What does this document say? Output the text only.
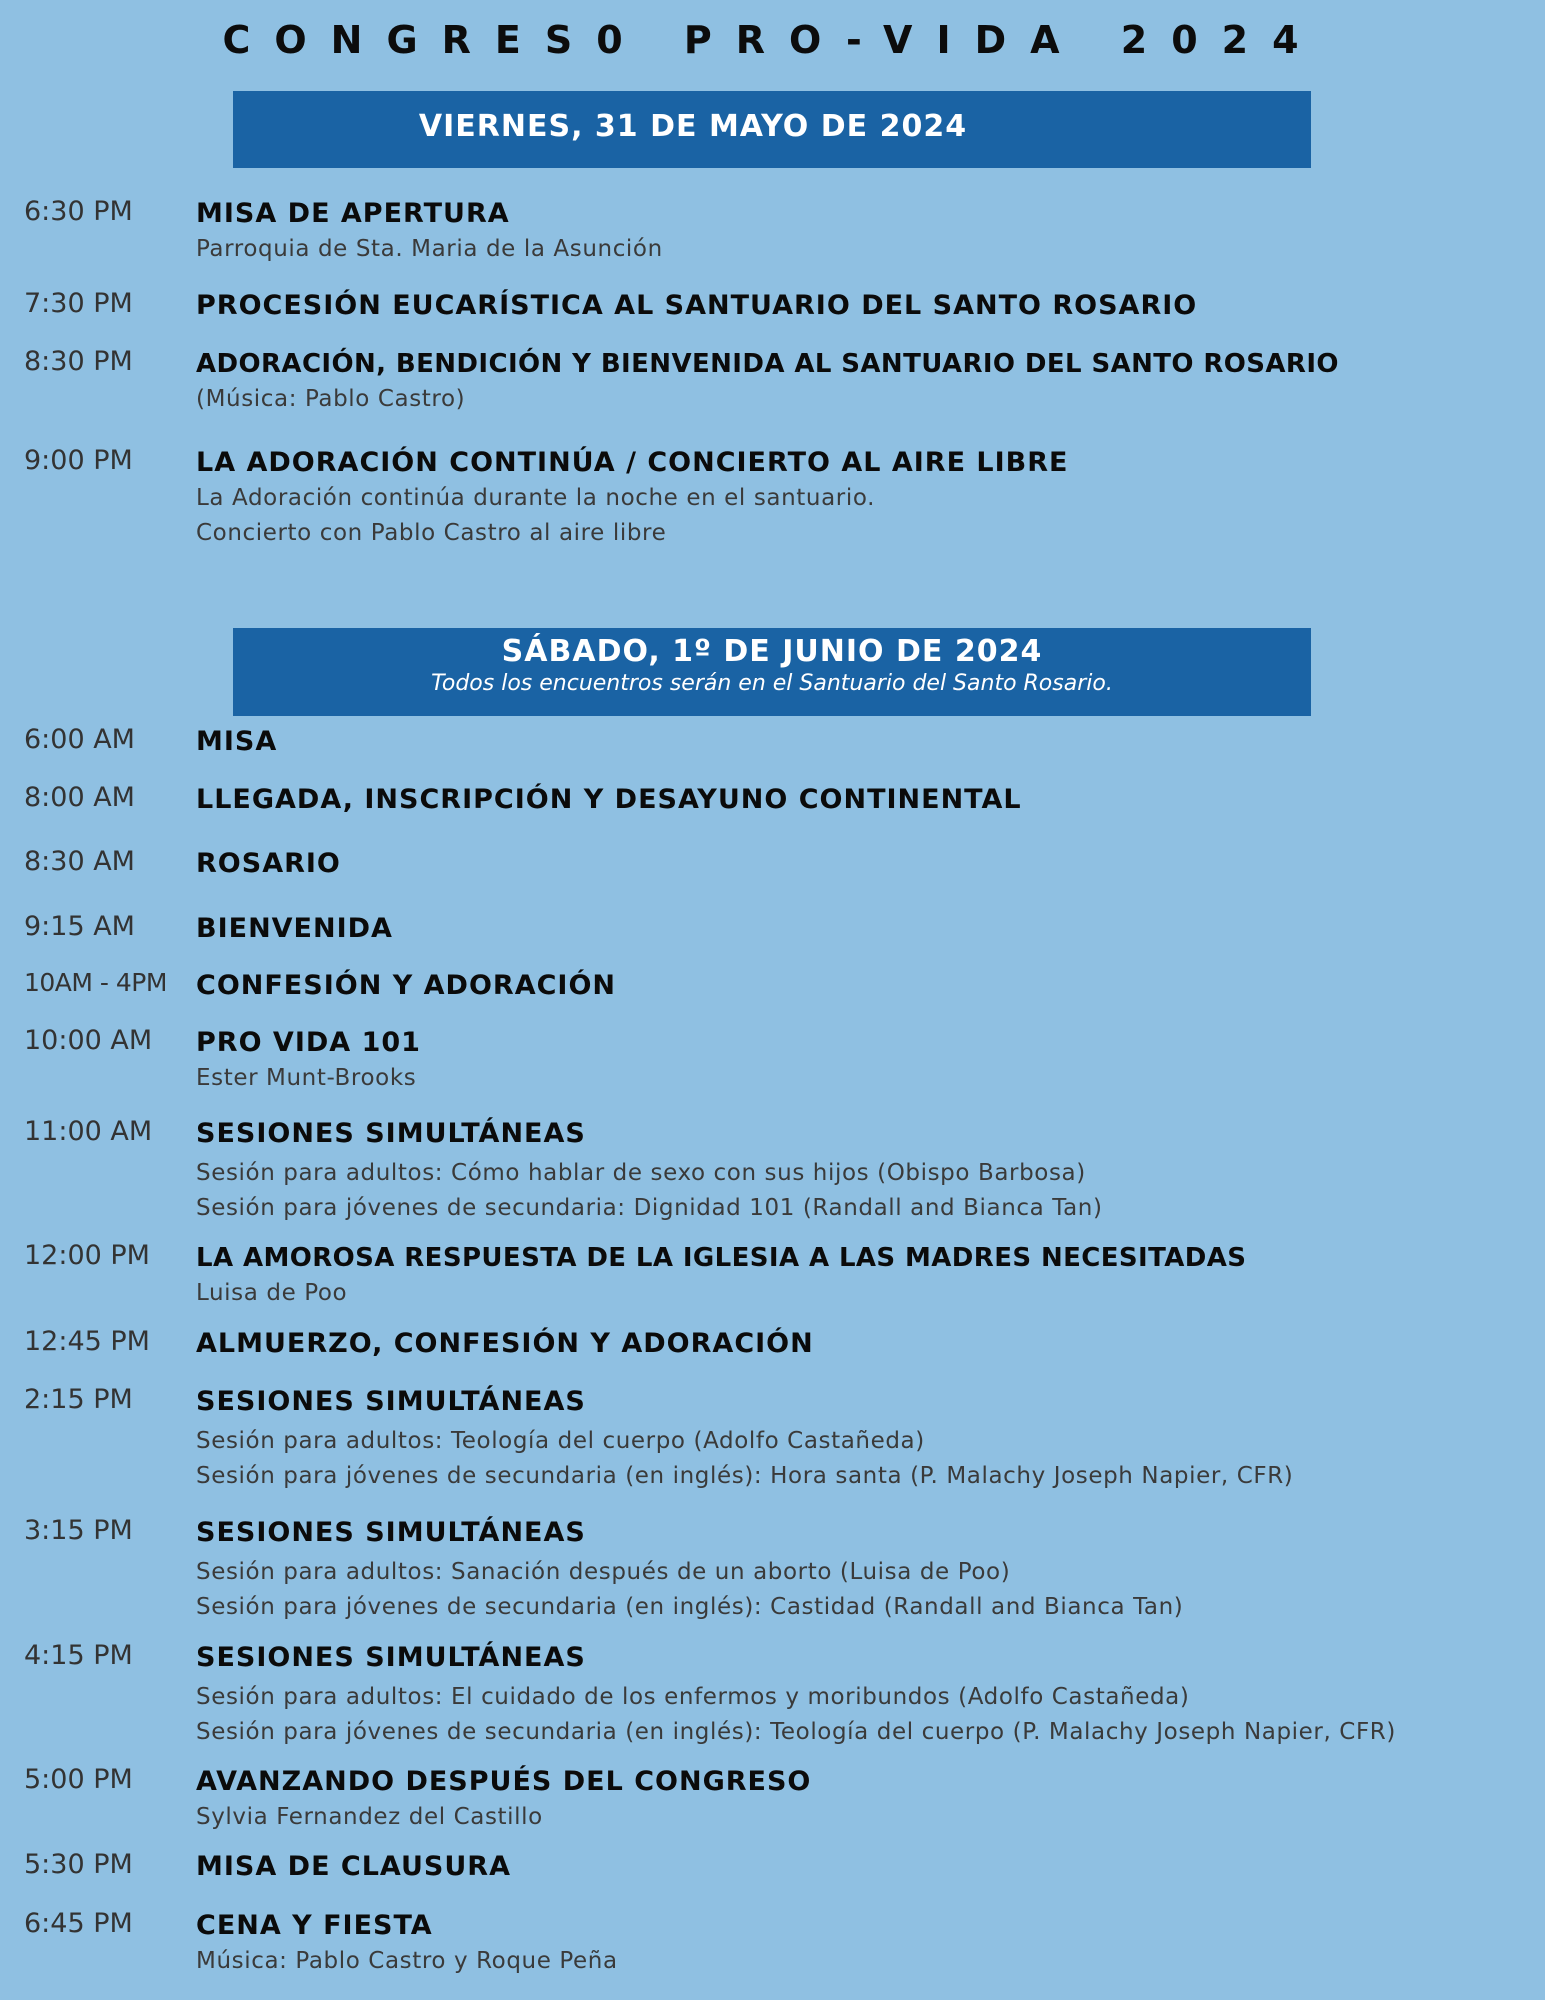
CONGRES0 PRO-VIDA 2024
VIERNES, 31 DE MAYO DE 2024
6:30 PM MISA DE APERTURA
Parroquia de Sta. Maria de la Asunción
7:30 PM PROCESIÓN EUCARÍSTICA AL SANTUARIO DEL SANTO ROSARIO
8:30 PM ADORACIÓN, BENDICIÓN Y BIENVENIDA AL SANTUARIO DEL SANTO ROSARIO
(Música: Pablo Castro)
9:00 PM LA ADORACIÓN CONTINÚA / CONCIERTO AL AIRE LIBRE
La Adoración continúa durante la noche en el santuario.
Concierto con Pablo Castro al aire libre
SÁBADO, 1º DE JUNIO DE 2024
Todos los encuentros serán en el Santuario del Santo Rosario.
6:00 AM MISA
8:00 AM LLEGADA, INSCRIPCIÓN Y DESAYUNO CONTINENTAL
8:30 AM ROSARIO
9:15 AM BIENVENIDA
10AM - 4PM CONFESIÓN Y ADORACIÓN
10:00 AM PRO VIDA 101
Ester Munt-Brooks
11:00 AM SESIONES SIMULTÁNEAS
Sesión para adultos: Cómo hablar de sexo con sus hijos (Obispo Barbosa)
Sesión para jóvenes de secundaria: Dignidad 101 (Randall and Bianca Tan)
12:00 PM LA AMOROSA RESPUESTA DE LA IGLESIA A LAS MADRES NECESITADAS
Luisa de Poo
12:45 PM ALMUERZO, CONFESIÓN Y ADORACIÓN
2:15 PM SESIONES SIMULTÁNEAS
Sesión para adultos: Teología del cuerpo (Adolfo Castañeda)
Sesión para jóvenes de secundaria (en inglés): Hora santa (P. Malachy Joseph Napier, CFR)
3:15 PM SESIONES SIMULTÁNEAS
Sesión para adultos: Sanación después de un aborto (Luisa de Poo)
Sesión para jóvenes de secundaria (en inglés): Castidad (Randall and Bianca Tan)
4:15 PM SESIONES SIMULTÁNEAS
Sesión para adultos: El cuidado de los enfermos y moribundos (Adolfo Castañeda)
Sesión para jóvenes de secundaria (en inglés): Teología del cuerpo (P. Malachy Joseph Napier, CFR)
5:00 PM AVANZANDO DESPUÉS DEL CONGRESO
Sylvia Fernandez del Castillo
5:30 PM MISA DE CLAUSURA
6:45 PM CENA Y FIESTA
Música: Pablo Castro y Roque Peña
